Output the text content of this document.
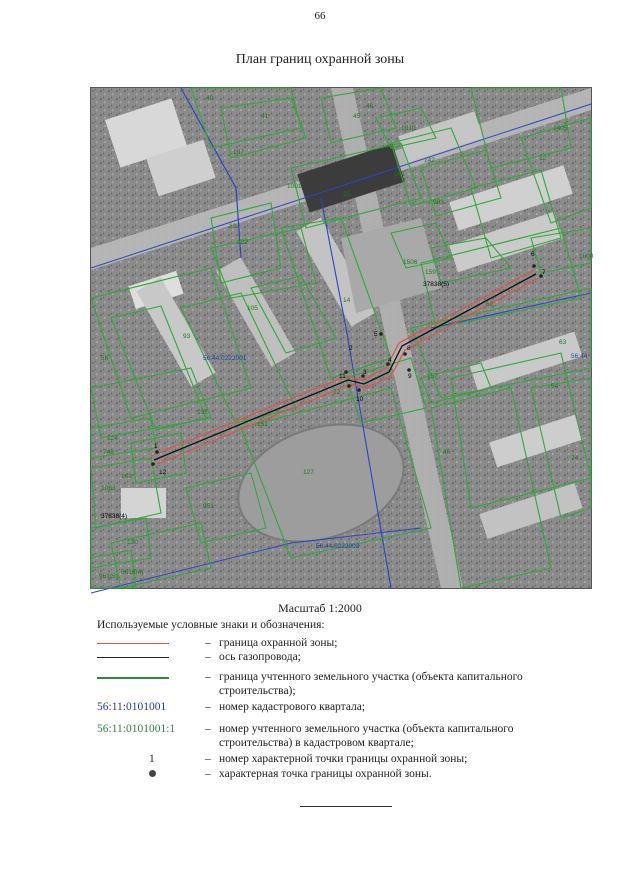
66
План границ охранной зоны
56:44:0222001
56:44:0222003
56:44
40
41
46
45
107
1010	1405
142	12
141
1001
25
983
13
122
1506
159
37838(5)
1008
14
62
105
63
93
56
157
54
72
137
151
124
127
46
74
748
143
1063
951
37838(4)
130
961(5)
5618(4)
1
2
3
4
5
6
7
8
9
10
11
12
Масштаб 1:2000
Используемые условные знаки и обозначения:
– граница охранной зоны;
– ось газопровода;
– граница учтенного земельного участка (объекта капитального строительства);
56:11:0101001	– номер кадастрового квартала;
56:11:0101001:1	– номер учтенного земельного участка (объекта капитального строительства) в кадастровом квартале;
1	– номер характерной точки границы охранной зоны;
– характерная точка границы охранной зоны.
